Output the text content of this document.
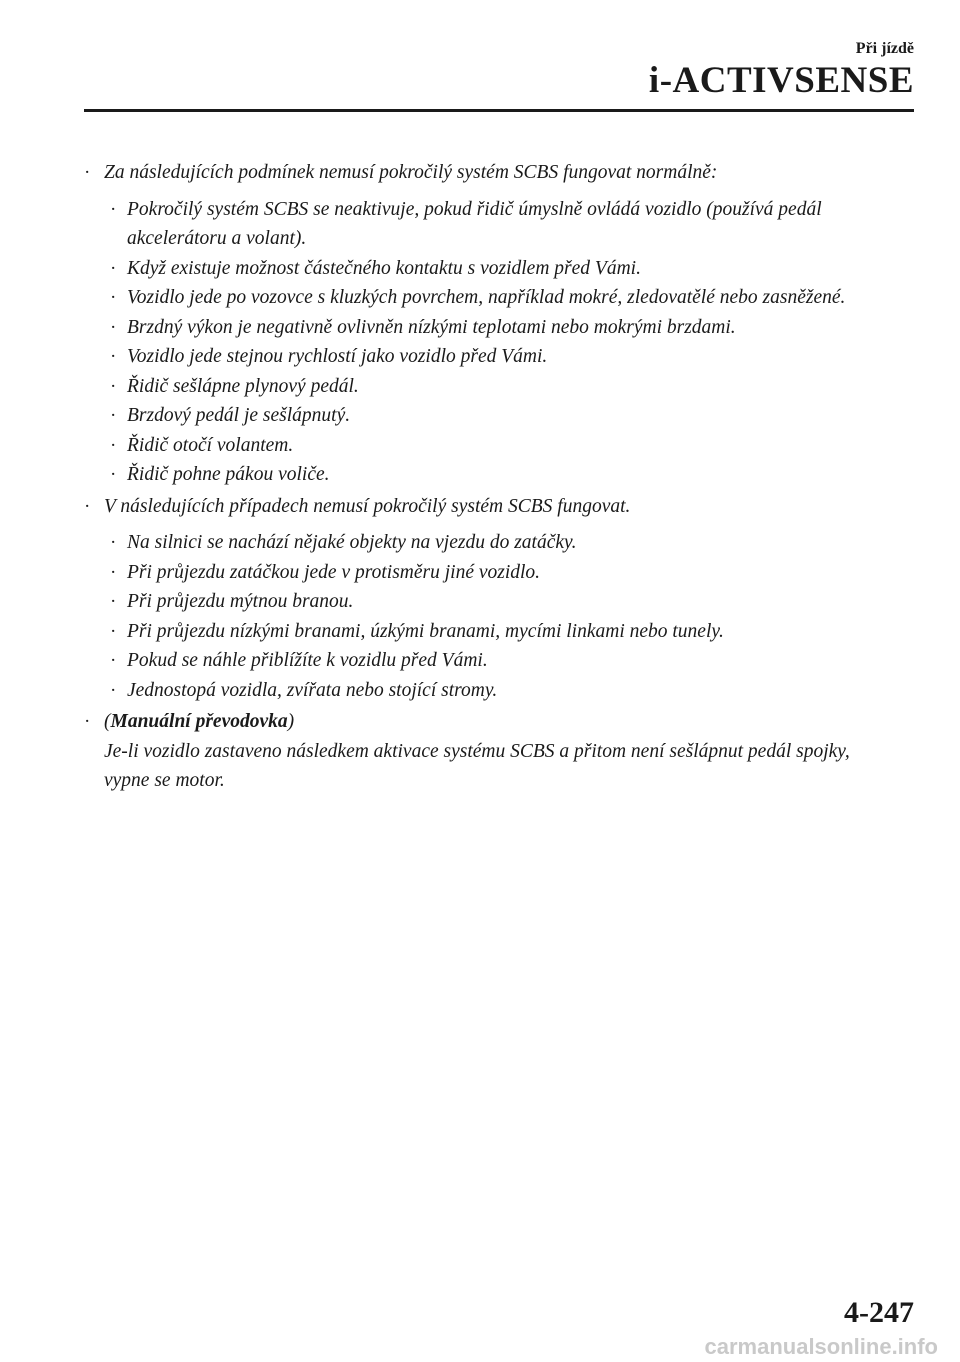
Při jízdě
i-ACTIVSENSE
· Za následujících podmínek nemusí pokročilý systém SCBS fungovat normálně:
· Pokročilý systém SCBS se neaktivuje, pokud řidič úmyslně ovládá vozidlo (používá pedál akcelerátoru a volant).
· Když existuje možnost částečného kontaktu s vozidlem před Vámi.
· Vozidlo jede po vozovce s kluzkých povrchem, například mokré, zledovatělé nebo zasněžené.
· Brzdný výkon je negativně ovlivněn nízkými teplotami nebo mokrými brzdami.
· Vozidlo jede stejnou rychlostí jako vozidlo před Vámi.
· Řidič sešlápne plynový pedál.
· Brzdový pedál je sešlápnutý.
· Řidič otočí volantem.
· Řidič pohne pákou voliče.
· V následujících případech nemusí pokročilý systém SCBS fungovat.
· Na silnici se nachází nějaké objekty na vjezdu do zatáčky.
· Při průjezdu zatáčkou jede v protisměru jiné vozidlo.
· Při průjezdu mýtnou branou.
· Při průjezdu nízkými branami, úzkými branami, mycími linkami nebo tunely.
· Pokud se náhle přiblížíte k vozidlu před Vámi.
· Jednostopá vozidla, zvířata nebo stojící stromy.
· (Manuální převodovka)
Je-li vozidlo zastaveno následkem aktivace systému SCBS a přitom není sešlápnut pedál spojky, vypne se motor.
4-247
carmanualsonline.info
